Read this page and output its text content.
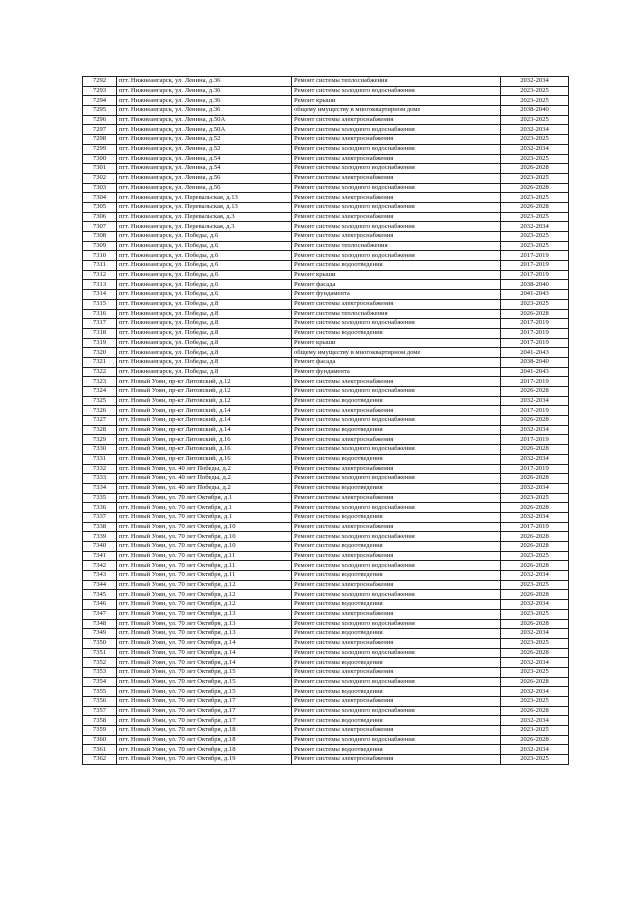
7292	пгт. Нижнеангарск, ул. Ленина, д.36	Ремонт системы теплоснабжения	2032-2034
7293	пгт. Нижнеангарск, ул. Ленина, д.36	Ремонт системы холодного водоснабжения	2023-2025
7294	пгт. Нижнеангарск, ул. Ленина, д.36	Ремонт крыши	2023-2025
7295	пгт. Нижнеангарск, ул. Ленина, д.36	общему имуществу в многоквартирном доме	2038-2040
7296	пгт. Нижнеангарск, ул. Ленина, д.50А	Ремонт системы электроснабжения	2023-2025
7297	пгт. Нижнеангарск, ул. Ленина, д.50А	Ремонт системы холодного водоснабжения	2032-2034
7298	пгт. Нижнеангарск, ул. Ленина, д.52	Ремонт системы электроснабжения	2023-2025
7299	пгт. Нижнеангарск, ул. Ленина, д.52	Ремонт системы холодного водоснабжения	2032-2034
7300	пгт. Нижнеангарск, ул. Ленина, д.54	Ремонт системы электроснабжения	2023-2025
7301	пгт. Нижнеангарск, ул. Ленина, д.54	Ремонт системы холодного водоснабжения	2026-2028
7302	пгт. Нижнеангарск, ул. Ленина, д.56	Ремонт системы электроснабжения	2023-2025
7303	пгт. Нижнеангарск, ул. Ленина, д.56	Ремонт системы холодного водоснабжения	2026-2028
7304	пгт. Нижнеангарск, ул. Перевальская, д.13	Ремонт системы электроснабжения	2023-2025
7305	пгт. Нижнеангарск, ул. Перевальская, д.13	Ремонт системы холодного водоснабжения	2026-2028
7306	пгт. Нижнеангарск, ул. Перевальская, д.3	Ремонт системы электроснабжения	2023-2025
7307	пгт. Нижнеангарск, ул. Перевальская, д.3	Ремонт системы холодного водоснабжения	2032-2034
7308	пгт. Нижнеангарск, ул. Победы, д.6	Ремонт системы электроснабжения	2023-2025
7309	пгт. Нижнеангарск, ул. Победы, д.6	Ремонт системы теплоснабжения	2023-2025
7310	пгт. Нижнеангарск, ул. Победы, д.6	Ремонт системы холодного водоснабжения	2017-2019
7311	пгт. Нижнеангарск, ул. Победы, д.6	Ремонт системы водоотведения	2017-2019
7312	пгт. Нижнеангарск, ул. Победы, д.6	Ремонт крыши	2017-2019
7313	пгт. Нижнеангарск, ул. Победы, д.6	Ремонт фасада	2038-2040
7314	пгт. Нижнеангарск, ул. Победы, д.6	Ремонт фундамента	2041-2043
7315	пгт. Нижнеангарск, ул. Победы, д.8	Ремонт системы электроснабжения	2023-2025
7316	пгт. Нижнеангарск, ул. Победы, д.8	Ремонт системы теплоснабжения	2026-2028
7317	пгт. Нижнеангарск, ул. Победы, д.8	Ремонт системы холодного водоснабжения	2017-2019
7318	пгт. Нижнеангарск, ул. Победы, д.8	Ремонт системы водоотведения	2017-2019
7319	пгт. Нижнеангарск, ул. Победы, д.8	Ремонт крыши	2017-2019
7320	пгт. Нижнеангарск, ул. Победы, д.8	общему имуществу в многоквартирном доме	2041-2043
7321	пгт. Нижнеангарск, ул. Победы, д.8	Ремонт фасада	2038-2040
7322	пгт. Нижнеангарск, ул. Победы, д.8	Ремонт фундамента	2041-2043
7323	пгт. Новый Уоян, пр-кт Литовский, д.12	Ремонт системы электроснабжения	2017-2019
7324	пгт. Новый Уоян, пр-кт Литовский, д.12	Ремонт системы холодного водоснабжения	2026-2028
7325	пгт. Новый Уоян, пр-кт Литовский, д.12	Ремонт системы водоотведения	2032-2034
7326	пгт. Новый Уоян, пр-кт Литовский, д.14	Ремонт системы электроснабжения	2017-2019
7327	пгт. Новый Уоян, пр-кт Литовский, д.14	Ремонт системы холодного водоснабжения	2026-2028
7328	пгт. Новый Уоян, пр-кт Литовский, д.14	Ремонт системы водоотведения	2032-2034
7329	пгт. Новый Уоян, пр-кт Литовский, д.16	Ремонт системы электроснабжения	2017-2019
7330	пгт. Новый Уоян, пр-кт Литовский, д.16	Ремонт системы холодного водоснабжения	2026-2028
7331	пгт. Новый Уоян, пр-кт Литовский, д.16	Ремонт системы водоотведения	2032-2034
7332	пгт. Новый Уоян, ул. 40 лет Победы, д.2	Ремонт системы электроснабжения	2017-2019
7333	пгт. Новый Уоян, ул. 40 лет Победы, д.2	Ремонт системы холодного водоснабжения	2026-2028
7334	пгт. Новый Уоян, ул. 40 лет Победы, д.2	Ремонт системы водоотведения	2032-2034
7335	пгт. Новый Уоян, ул. 70 лет Октября, д.1	Ремонт системы электроснабжения	2023-2025
7336	пгт. Новый Уоян, ул. 70 лет Октября, д.1	Ремонт системы холодного водоснабжения	2026-2028
7337	пгт. Новый Уоян, ул. 70 лет Октября, д.1	Ремонт системы водоотведения	2032-2034
7338	пгт. Новый Уоян, ул. 70 лет Октября, д.10	Ремонт системы электроснабжения	2017-2019
7339	пгт. Новый Уоян, ул. 70 лет Октября, д.10	Ремонт системы холодного водоснабжения	2026-2028
7340	пгт. Новый Уоян, ул. 70 лет Октября, д.10	Ремонт системы водоотведения	2026-2028
7341	пгт. Новый Уоян, ул. 70 лет Октября, д.11	Ремонт системы электроснабжения	2023-2025
7342	пгт. Новый Уоян, ул. 70 лет Октября, д.11	Ремонт системы холодного водоснабжения	2026-2028
7343	пгт. Новый Уоян, ул. 70 лет Октября, д.11	Ремонт системы водоотведения	2032-2034
7344	пгт. Новый Уоян, ул. 70 лет Октября, д.12	Ремонт системы электроснабжения	2023-2025
7345	пгт. Новый Уоян, ул. 70 лет Октября, д.12	Ремонт системы холодного водоснабжения	2026-2028
7346	пгт. Новый Уоян, ул. 70 лет Октября, д.12	Ремонт системы водоотведения	2032-2034
7347	пгт. Новый Уоян, ул. 70 лет Октября, д.13	Ремонт системы электроснабжения	2023-2025
7348	пгт. Новый Уоян, ул. 70 лет Октября, д.13	Ремонт системы холодного водоснабжения	2026-2028
7349	пгт. Новый Уоян, ул. 70 лет Октября, д.13	Ремонт системы водоотведения	2032-2034
7350	пгт. Новый Уоян, ул. 70 лет Октября, д.14	Ремонт системы электроснабжения	2023-2025
7351	пгт. Новый Уоян, ул. 70 лет Октября, д.14	Ремонт системы холодного водоснабжения	2026-2028
7352	пгт. Новый Уоян, ул. 70 лет Октября, д.14	Ремонт системы водоотведения	2032-2034
7353	пгт. Новый Уоян, ул. 70 лет Октября, д.15	Ремонт системы электроснабжения	2023-2025
7354	пгт. Новый Уоян, ул. 70 лет Октября, д.15	Ремонт системы холодного водоснабжения	2026-2028
7355	пгт. Новый Уоян, ул. 70 лет Октября, д.15	Ремонт системы водоотведения	2032-2034
7356	пгт. Новый Уоян, ул. 70 лет Октября, д.17	Ремонт системы электроснабжения	2023-2025
7357	пгт. Новый Уоян, ул. 70 лет Октября, д.17	Ремонт системы холодного водоснабжения	2026-2028
7358	пгт. Новый Уоян, ул. 70 лет Октября, д.17	Ремонт системы водоотведения	2032-2034
7359	пгт. Новый Уоян, ул. 70 лет Октября, д.18	Ремонт системы электроснабжения	2023-2025
7360	пгт. Новый Уоян, ул. 70 лет Октября, д.18	Ремонт системы холодного водоснабжения	2026-2028
7361	пгт. Новый Уоян, ул. 70 лет Октября, д.18	Ремонт системы водоотведения	2032-2034
7362	пгт. Новый Уоян, ул. 70 лет Октября, д.19	Ремонт системы электроснабжения	2023-2025
